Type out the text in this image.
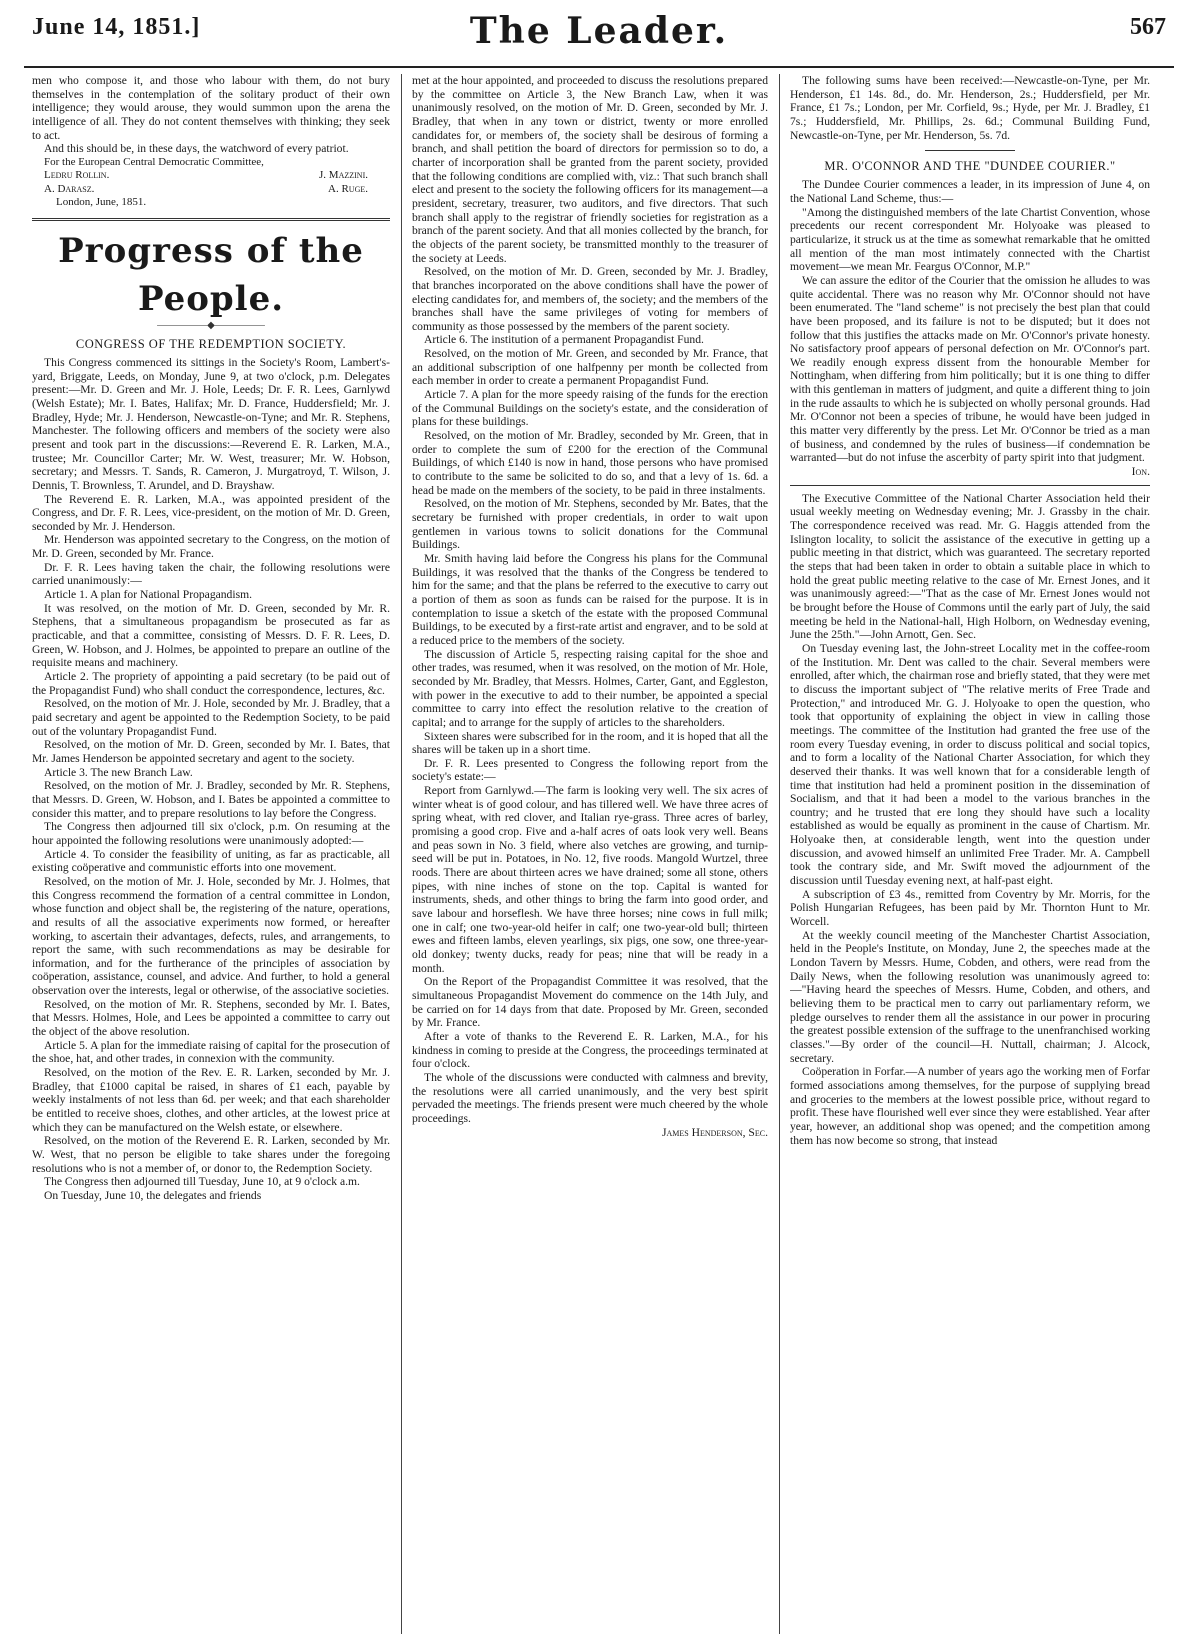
June 14, 1851.]	The Leader.	567

men who compose it, and those who labour with them, do not bury themselves in the contemplation of the solitary product of their own intelligence; they would arouse, they would summon upon the arena the intelligence of all. They do not content themselves with thinking; they seek to act.

And this should be, in these days, the watchword of every patriot.

For the European Central Democratic Committee,

Ledru Rollin.	J. Mazzini.
A. Darasz.	A. Ruge.

London, June, 1851.

Progress of the People.
—————◆—————
CONGRESS OF THE REDEMPTION SOCIETY.

This Congress commenced its sittings in the Society's Room, Lambert's-yard, Briggate, Leeds, on Monday, June 9, at two o'clock, p.m. Delegates present:—Mr. D. Green and Mr. J. Hole, Leeds; Dr. F. R. Lees, Garnlywd (Welsh Estate); Mr. I. Bates, Halifax; Mr. D. France, Huddersfield; Mr. J. Bradley, Hyde; Mr. J. Henderson, Newcastle-on-Tyne; and Mr. R. Stephens, Manchester. The following officers and members of the society were also present and took part in the discussions:—Reverend E. R. Larken, M.A., trustee; Mr. Councillor Carter; Mr. W. West, treasurer; Mr. W. Hobson, secretary; and Messrs. T. Sands, R. Cameron, J. Murgatroyd, T. Wilson, J. Dennis, T. Brownless, T. Arundel, and D. Brayshaw.

The Reverend E. R. Larken, M.A., was appointed president of the Congress, and Dr. F. R. Lees, vice-president, on the motion of Mr. D. Green, seconded by Mr. J. Henderson.

Mr. Henderson was appointed secretary to the Congress, on the motion of Mr. D. Green, seconded by Mr. France.

Dr. F. R. Lees having taken the chair, the following resolutions were carried unanimously:—

Article 1. A plan for National Propagandism.

It was resolved, on the motion of Mr. D. Green, seconded by Mr. R. Stephens, that a simultaneous propagandism be prosecuted as far as practicable, and that a committee, consisting of Messrs. D. F. R. Lees, D. Green, W. Hobson, and J. Holmes, be appointed to prepare an outline of the requisite means and machinery.

Article 2. The propriety of appointing a paid secretary (to be paid out of the Propagandist Fund) who shall conduct the correspondence, lectures, &c.

Resolved, on the motion of Mr. J. Hole, seconded by Mr. J. Bradley, that a paid secretary and agent be appointed to the Redemption Society, to be paid out of the voluntary Propagandist Fund.

Resolved, on the motion of Mr. D. Green, seconded by Mr. I. Bates, that Mr. James Henderson be appointed secretary and agent to the society.

Article 3. The new Branch Law.

Resolved, on the motion of Mr. J. Bradley, seconded by Mr. R. Stephens, that Messrs. D. Green, W. Hobson, and I. Bates be appointed a committee to consider this matter, and to prepare resolutions to lay before the Congress.

The Congress then adjourned till six o'clock, p.m. On resuming at the hour appointed the following resolutions were unanimously adopted:—

Article 4. To consider the feasibility of uniting, as far as practicable, all existing coöperative and communistic efforts into one movement.

Resolved, on the motion of Mr. J. Hole, seconded by Mr. J. Holmes, that this Congress recommend the formation of a central committee in London, whose function and object shall be, the registering of the nature, operations, and results of all the associative experiments now formed, or hereafter working, to ascertain their advantages, defects, rules, and arrangements, to report the same, with such recommendations as may be desirable for information, and for the furtherance of the principles of association by coöperation, assistance, counsel, and advice. And further, to hold a general observation over the interests, legal or otherwise, of the associative societies.

Resolved, on the motion of Mr. R. Stephens, seconded by Mr. I. Bates, that Messrs. Holmes, Hole, and Lees be appointed a committee to carry out the object of the above resolution.

Article 5. A plan for the immediate raising of capital for the prosecution of the shoe, hat, and other trades, in connexion with the community.

Resolved, on the motion of the Rev. E. R. Larken, seconded by Mr. J. Bradley, that £1000 capital be raised, in shares of £1 each, payable by weekly instalments of not less than 6d. per week; and that each shareholder be entitled to receive shoes, clothes, and other articles, at the lowest price at which they can be manufactured on the Welsh estate, or elsewhere.

Resolved, on the motion of the Reverend E. R. Larken, seconded by Mr. W. West, that no person be eligible to take shares under the foregoing resolutions who is not a member of, or donor to, the Redemption Society.

The Congress then adjourned till Tuesday, June 10, at 9 o'clock a.m.

On Tuesday, June 10, the delegates and friends

met at the hour appointed, and proceeded to discuss the resolutions prepared by the committee on Article 3, the New Branch Law, when it was unanimously resolved, on the motion of Mr. D. Green, seconded by Mr. J. Bradley, that when in any town or district, twenty or more enrolled candidates for, or members of, the society shall be desirous of forming a branch, and shall petition the board of directors for permission so to do, a charter of incorporation shall be granted from the parent society, provided that the following conditions are complied with, viz.: That such branch shall elect and present to the society the following officers for its management—a president, secretary, treasurer, two auditors, and five directors. That such branch shall apply to the registrar of friendly societies for registration as a branch of the parent society. And that all monies collected by the branch, for the objects of the parent society, be transmitted monthly to the treasurer of the society at Leeds.

Resolved, on the motion of Mr. D. Green, seconded by Mr. J. Bradley, that branches incorporated on the above conditions shall have the power of electing candidates for, and members of, the society; and the members of the branches shall have the same privileges of voting for members of community as those possessed by the members of the parent society.

Article 6. The institution of a permanent Propagandist Fund.

Resolved, on the motion of Mr. Green, and seconded by Mr. France, that an additional subscription of one halfpenny per month be collected from each member in order to create a permanent Propagandist Fund.

Article 7. A plan for the more speedy raising of the funds for the erection of the Communal Buildings on the society's estate, and the consideration of plans for these buildings.

Resolved, on the motion of Mr. Bradley, seconded by Mr. Green, that in order to complete the sum of £200 for the erection of the Communal Buildings, of which £140 is now in hand, those persons who have promised to contribute to the same be solicited to do so, and that a levy of 1s. 6d. a head be made on the members of the society, to be paid in three instalments.

Resolved, on the motion of Mr. Stephens, seconded by Mr. Bates, that the secretary be furnished with proper credentials, in order to wait upon gentlemen in various towns to solicit donations for the Communal Buildings.

Mr. Smith having laid before the Congress his plans for the Communal Buildings, it was resolved that the thanks of the Congress be tendered to him for the same; and that the plans be referred to the executive to carry out a portion of them as soon as funds can be raised for the purpose. It is in contemplation to issue a sketch of the estate with the proposed Communal Buildings, to be executed by a first-rate artist and engraver, and to be sold at a reduced price to the members of the society.

The discussion of Article 5, respecting raising capital for the shoe and other trades, was resumed, when it was resolved, on the motion of Mr. Hole, seconded by Mr. Bradley, that Messrs. Holmes, Carter, Gant, and Eggleston, with power in the executive to add to their number, be appointed a special committee to carry into effect the resolution relative to the creation of capital; and to arrange for the supply of articles to the shareholders.

Sixteen shares were subscribed for in the room, and it is hoped that all the shares will be taken up in a short time.

Dr. F. R. Lees presented to Congress the following report from the society's estate:—

Report from Garnlywd.—The farm is looking very well. The six acres of winter wheat is of good colour, and has tillered well. We have three acres of spring wheat, with red clover, and Italian rye-grass. Three acres of barley, promising a good crop. Five and a-half acres of oats look very well. Beans and peas sown in No. 3 field, where also vetches are growing, and turnip-seed will be put in. Potatoes, in No. 12, five roods. Mangold Wurtzel, three roods. There are about thirteen acres we have drained; some all stone, others pipes, with nine inches of stone on the top. Capital is wanted for instruments, sheds, and other things to bring the farm into good order, and save labour and horseflesh. We have three horses; nine cows in full milk; one in calf; one two-year-old heifer in calf; one two-year-old bull; thirteen ewes and fifteen lambs, eleven yearlings, six pigs, one sow, one three-year-old donkey; twenty ducks, ready for peas; nine that will be ready in a month.

On the Report of the Propagandist Committee it was resolved, that the simultaneous Propagandist Movement do commence on the 14th July, and be carried on for 14 days from that date. Proposed by Mr. Green, seconded by Mr. France.

After a vote of thanks to the Reverend E. R. Larken, M.A., for his kindness in coming to preside at the Congress, the proceedings terminated at four o'clock.

The whole of the discussions were conducted with calmness and brevity, the resolutions were all carried unanimously, and the very best spirit pervaded the meetings. The friends present were much cheered by the whole proceedings.

James Henderson, Sec.

The following sums have been received:—Newcastle-on-Tyne, per Mr. Henderson, £1 14s. 8d., do. Mr. Henderson, 2s.; Huddersfield, per Mr. France, £1 7s.; London, per Mr. Corfield, 9s.; Hyde, per Mr. J. Bradley, £1 7s.; Huddersfield, Mr. Phillips, 2s. 6d.; Communal Building Fund, Newcastle-on-Tyne, per Mr. Henderson, 5s. 7d.

MR. O'CONNOR AND THE "DUNDEE COURIER."

The Dundee Courier commences a leader, in its impression of June 4, on the National Land Scheme, thus:—

"Among the distinguished members of the late Chartist Convention, whose precedents our recent correspondent Mr. Holyoake was pleased to particularize, it struck us at the time as somewhat remarkable that he omitted all mention of the man most intimately connected with the Chartist movement—we mean Mr. Feargus O'Connor, M.P."

We can assure the editor of the Courier that the omission he alludes to was quite accidental. There was no reason why Mr. O'Connor should not have been enumerated. The "land scheme" is not precisely the best plan that could have been proposed, and its failure is not to be disputed; but it does not follow that this justifies the attacks made on Mr. O'Connor's private honesty. No satisfactory proof appears of personal defection on Mr. O'Connor's part. We readily enough express dissent from the honourable Member for Nottingham, when differing from him politically; but it is one thing to differ with this gentleman in matters of judgment, and quite a different thing to join in the rude assaults to which he is subjected on wholly personal grounds. Had Mr. O'Connor not been a species of tribune, he would have been judged in this matter very differently by the press. Let Mr. O'Connor be tried as a man of business, and condemned by the rules of business—if condemnation be warranted—but do not infuse the ascerbity of party spirit into that judgment.

Ion.

The Executive Committee of the National Charter Association held their usual weekly meeting on Wednesday evening; Mr. J. Grassby in the chair. The correspondence received was read. Mr. G. Haggis attended from the Islington locality, to solicit the assistance of the executive in getting up a public meeting in that district, which was guaranteed. The secretary reported the steps that had been taken in order to obtain a suitable place in which to hold the great public meeting relative to the case of Mr. Ernest Jones, and it was unanimously agreed:—"That as the case of Mr. Ernest Jones would not be brought before the House of Commons until the early part of July, the said meeting be held in the National-hall, High Holborn, on Wednesday evening, June the 25th."—John Arnott, Gen. Sec.

On Tuesday evening last, the John-street Locality met in the coffee-room of the Institution. Mr. Dent was called to the chair. Several members were enrolled, after which, the chairman rose and briefly stated, that they were met to discuss the important subject of "The relative merits of Free Trade and Protection," and introduced Mr. G. J. Holyoake to open the question, who took that opportunity of explaining the object in view in calling those meetings. The committee of the Institution had granted the free use of the room every Tuesday evening, in order to discuss political and social topics, and to form a locality of the National Charter Association, for which they deserved their thanks. It was well known that for a considerable length of time that institution had held a prominent position in the dissemination of Socialism, and that it had been a model to the various branches in the country; and he trusted that ere long they should have such a locality established as would be equally as prominent in the cause of Chartism. Mr. Holyoake then, at considerable length, went into the question under discussion, and avowed himself an unlimited Free Trader. Mr. A. Campbell took the contrary side, and Mr. Swift moved the adjournment of the discussion until Tuesday evening next, at half-past eight.

A subscription of £3 4s., remitted from Coventry by Mr. Morris, for the Polish Hungarian Refugees, has been paid by Mr. Thornton Hunt to Mr. Worcell.

At the weekly council meeting of the Manchester Chartist Association, held in the People's Institute, on Monday, June 2, the speeches made at the London Tavern by Messrs. Hume, Cobden, and others, were read from the Daily News, when the following resolution was unanimously agreed to:—"Having heard the speeches of Messrs. Hume, Cobden, and others, and believing them to be practical men to carry out parliamentary reform, we pledge ourselves to render them all the assistance in our power in procuring the greatest possible extension of the suffrage to the unenfranchised working classes."—By order of the council—H. Nuttall, chairman; J. Alcock, secretary.

Coöperation in Forfar.—A number of years ago the working men of Forfar formed associations among themselves, for the purpose of supplying bread and groceries to the members at the lowest possible price, without regard to profit. These have flourished well ever since they were established. Year after year, however, an additional shop was opened; and the competition among them has now become so strong, that instead
